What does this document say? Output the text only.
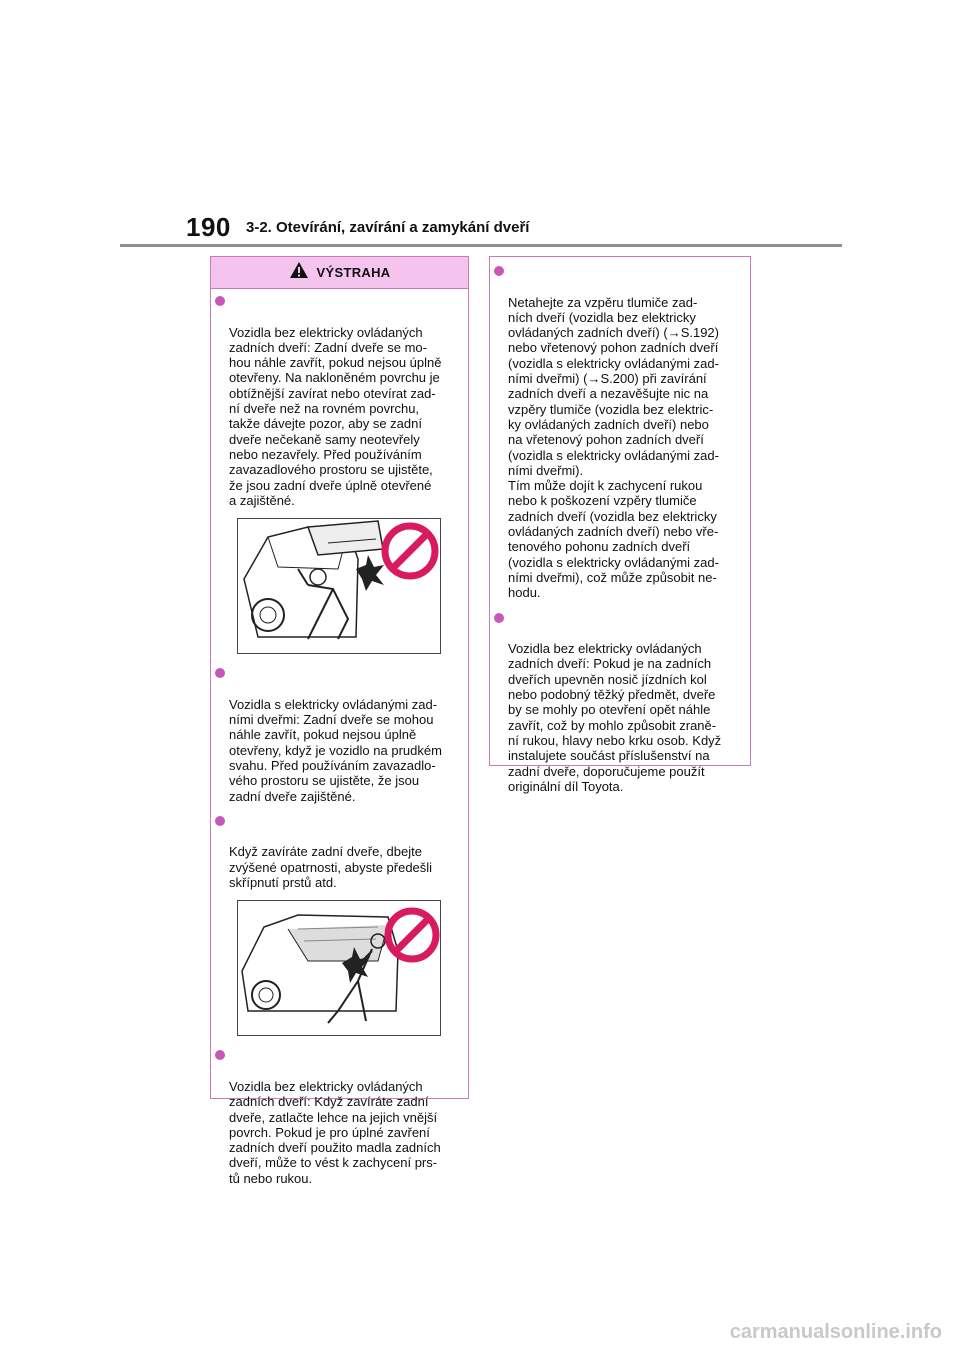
190 3-2. Otevírání, zavírání a zamykání dveří
VÝSTRAHA

Vozidla bez elektricky ovládaných
zadních dveří: Zadní dveře se mo-
hou náhle zavřít, pokud nejsou úplně
otevřeny. Na nakloněném povrchu je
obtížnější zavírat nebo otevírat zad-
ní dveře než na rovném povrchu,
takže dávejte pozor, aby se zadní
dveře nečekaně samy neotevřely
nebo nezavřely. Před používáním
zavazadlového prostoru se ujistěte,
že jsou zadní dveře úplně otevřené
a zajištěné.

Vozidla s elektricky ovládanými zad-
ními dveřmi: Zadní dveře se mohou
náhle zavřít, pokud nejsou úplně
otevřeny, když je vozidlo na prudkém
svahu. Před používáním zavazadlo-
vého prostoru se ujistěte, že jsou
zadní dveře zajištěné.

Když zavíráte zadní dveře, dbejte
zvýšené opatrnosti, abyste předešli
skřípnutí prstů atd.

Vozidla bez elektricky ovládaných
zadních dveří: Když zavíráte zadní
dveře, zatlačte lehce na jejich vnější
povrch. Pokud je pro úplné zavření
zadních dveří použito madla zadních
dveří, může to vést k zachycení prs-
tů nebo rukou.

Netahejte za vzpěru tlumiče zad-
ních dveří (vozidla bez elektricky
ovládaných zadních dveří) (→S.192)
nebo vřetenový pohon zadních dveří
(vozidla s elektricky ovládanými zad-
ními dveřmi) (→S.200) při zavírání
zadních dveří a nezavěšujte nic na
vzpěry tlumiče (vozidla bez elektric-
ky ovládaných zadních dveří) nebo
na vřetenový pohon zadních dveří
(vozidla s elektricky ovládanými zad-
ními dveřmi).
Tím může dojít k zachycení rukou
nebo k poškození vzpěry tlumiče
zadních dveří (vozidla bez elektricky
ovládaných zadních dveří) nebo vře-
tenového pohonu zadních dveří
(vozidla s elektricky ovládanými zad-
ními dveřmi), což může způsobit ne-
hodu.

Vozidla bez elektricky ovládaných
zadních dveří: Pokud je na zadních
dveřích upevněn nosič jízdních kol
nebo podobný těžký předmět, dveře
by se mohly po otevření opět náhle
zavřít, což by mohlo způsobit zraně-
ní rukou, hlavy nebo krku osob. Když
instalujete součást příslušenství na
zadní dveře, doporučujeme použít
originální díl Toyota.

carmanualsonline.info
